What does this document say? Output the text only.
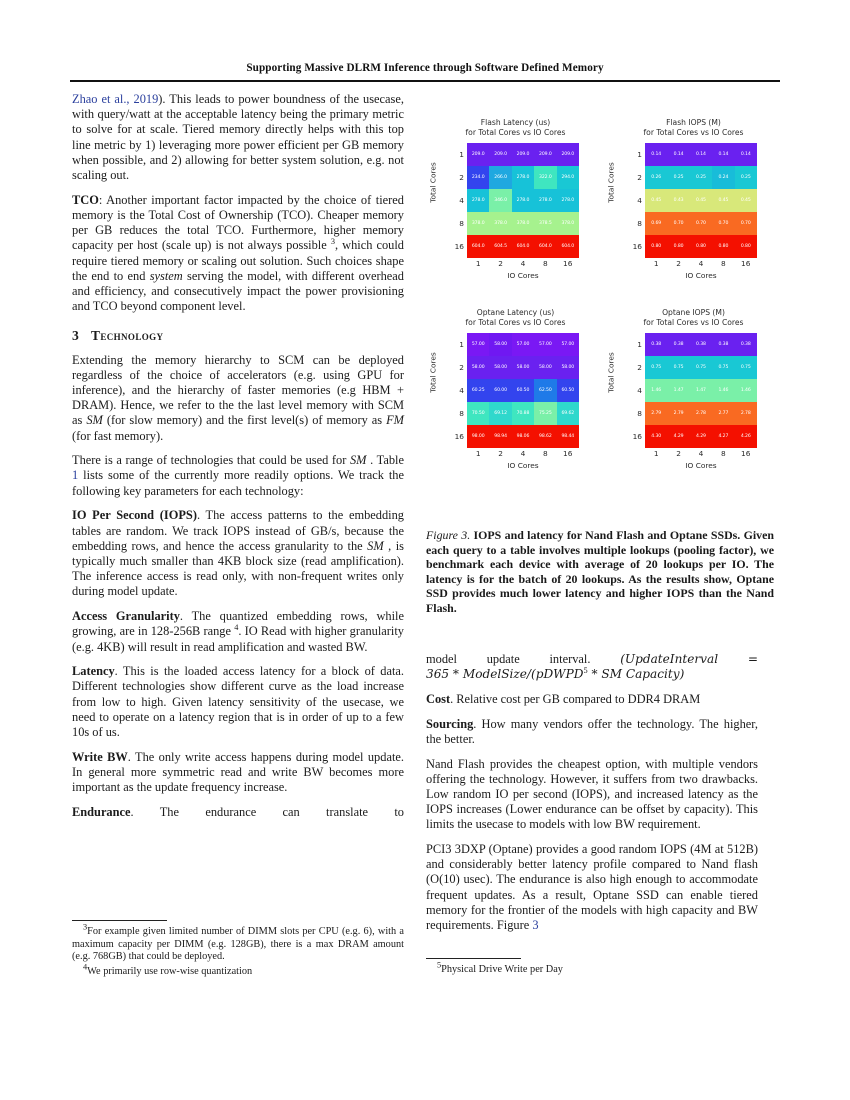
Supporting Massive DLRM Inference through Software Defined Memory

Zhao et al., 2019). This leads to power boundness of the usecase, with query/watt at the acceptable latency being the primary metric to solve for at scale. Tiered memory directly helps with this top line metric by 1) leveraging more power efficient per GB memory when possible, and 2) allowing for better system solution, e.g. not scaling out.

TCO: Another important factor impacted by the choice of tiered memory is the Total Cost of Ownership (TCO). Cheaper memory per GB reduces the total TCO. Furthermore, higher memory capacity per host (scale up) is not always possible $^3$, which could require tiered memory or scaling out solution. Such choices shape the end to end system serving the model, with different overhead and efficiency, and consecutively impact the power provisioning and TCO beyond component level.

3 Technology

Extending the memory hierarchy to SCM can be deployed regardless of the choice of accelerators (e.g. using GPU for inference), and the hierarchy of faster memories (e.g HBM + DRAM). Hence, we refer to the the last level memory with SCM as SM (for slow memory) and the first level(s) of memory as FM (for fast memory).

There is a range of technologies that could be used for SM . Table 1 lists some of the currently more readily options. We track the following key parameters for each technology:

IO Per Second (IOPS). The access patterns to the embedding tables are random. We track IOPS instead of GB/s, because the embedding rows, and hence the access granularity to the SM , is typically much smaller than 4KB block size (read amplification). The inference access is read only, with non-frequent writes only during model update.

Access Granularity. The quantized embedding rows, while growing, are in 128-256B range $^4$. IO Read with higher granularity (e.g. 4KB) will result in read amplification and wasted BW.

Latency. This is the loaded access latency for a block of data. Different technologies show different curve as the load increase from low to high. Given latency sensitivity of the usecase, we need to operate on a latency region that is in order of up to a few 10s of us.

Write BW. The only write access happens during model update. In general more symmetric read and write BW becomes more important as the update frequency increase.

Endurance. The endurance can translate to

$^3$For example given limited number of DIMM slots per CPU (e.g. 6), with a maximum capacity per DIMM (e.g. 128GB), there is a max DRAM amount (e.g. 768GB) that could be deployed.

$^4$We primarily use row-wise quantization

Flash Latency (us)
for Total Cores vs IO Cores
Total Cores
1
2
4
8
16
209.0	209.0	209.0	209.0	209.0
234.0	266.0	278.0	322.0	294.0
278.0	346.0	278.0	278.0	278.0
378.0	378.0	378.0	378.5	378.0
604.0	604.5	604.0	604.0	604.0
1	2	4	8	16
IO Cores
Flash IOPS (M)
for Total Cores vs IO Cores
Total Cores
1
2
4
8
16
0.14	0.14	0.14	0.14	0.14
0.26	0.25	0.25	0.24	0.25
0.45	0.43	0.45	0.45	0.45
0.69	0.70	0.70	0.70	0.70
0.80	0.80	0.80	0.80	0.80
1	2	4	8	16
IO Cores
Optane Latency (us)
for Total Cores vs IO Cores
Total Cores
1
2
4
8
16
57.00	58.00	57.00	57.00	57.00
58.00	58.00	58.00	58.00	58.00
60.25	60.00	60.50	62.50	60.50
70.50	69.12	70.88	75.25	69.62
98.00	98.94	98.06	98.62	98.44
1	2	4	8	16
IO Cores
Optane IOPS (M)
for Total Cores vs IO Cores
Total Cores
1
2
4
8
16
0.38	0.38	0.38	0.38	0.38
0.75	0.75	0.75	0.75	0.75
1.46	1.47	1.47	1.46	1.46
2.79	2.79	2.78	2.77	2.78
4.30	4.29	4.29	4.27	4.26
1	2	4	8	16
IO Cores
Figure 3. IOPS and latency for Nand Flash and Optane SSDs. Given each query to a table involves multiple lookups (pooling factor), we benchmark each device with average of 20 lookups per IO. The latency is for the batch of 20 lookups. As the results show, Optane SSD provides much lower latency and higher IOPS than the Nand Flash.

model update interval. (UpdateInterval =
365 * ModelSize/(pDWPD$^5$ * SM Capacity)

Cost. Relative cost per GB compared to DDR4 DRAM

Sourcing. How many vendors offer the technology. The higher, the better.

Nand Flash provides the cheapest option, with multiple vendors offering the technology. However, it suffers from two drawbacks. Low random IO per second (IOPS), and increased latency as the IOPS increases (Lower endurance can be offset by capacity). This limits the usecase to models with low BW requirement.

PCI3 3DXP (Optane) provides a good random IOPS (4M at 512B) and considerably better latency profile compared to Nand flash (O(10) usec). The endurance is also high enough to accommodate frequent updates. As a result, Optane SSD can enable tiered memory for the frontier of the models with high capacity and BW requirements. Figure 3

$^5$Physical Drive Write per Day
